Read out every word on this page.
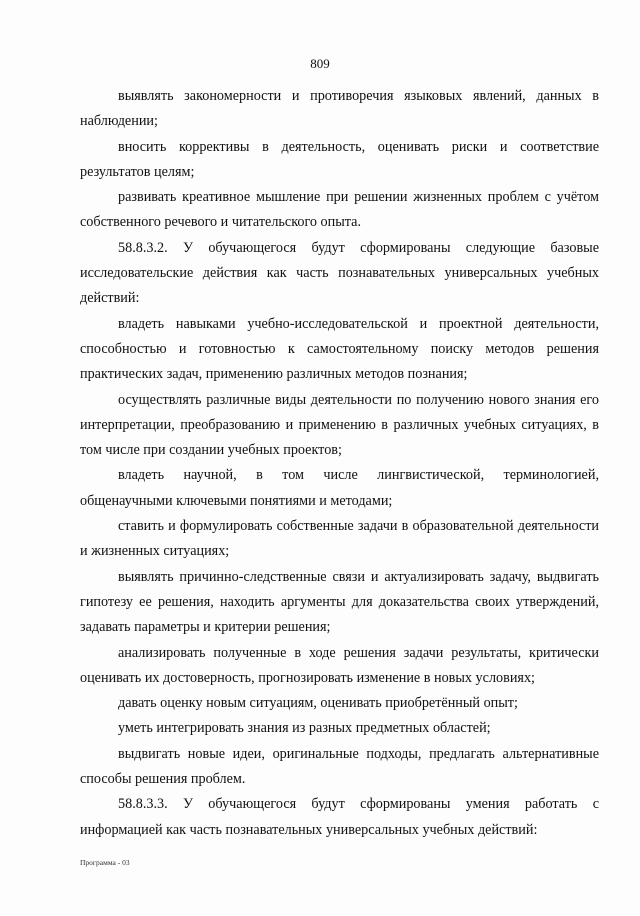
809

выявлять закономерности и противоречия языковых явлений, данных в наблюдении;

вносить коррективы в деятельность, оценивать риски и соответствие результатов целям;

развивать креативное мышление при решении жизненных проблем с учётом собственного речевого и читательского опыта.

58.8.3.2. У обучающегося будут сформированы следующие базовые исследовательские действия как часть познавательных универсальных учебных действий:

владеть навыками учебно-исследовательской и проектной деятельности, способностью и готовностью к самостоятельному поиску методов решения практических задач, применению различных методов познания;

осуществлять различные виды деятельности по получению нового знания его интерпретации, преобразованию и применению в различных учебных ситуациях, в том числе при создании учебных проектов;

владеть научной, в том числе лингвистической, терминологией, общенаучными ключевыми понятиями и методами;

ставить и формулировать собственные задачи в образовательной деятельности и жизненных ситуациях;

выявлять причинно-следственные связи и актуализировать задачу, выдвигать гипотезу ее решения, находить аргументы для доказательства своих утверждений, задавать параметры и критерии решения;

анализировать полученные в ходе решения задачи результаты, критически оценивать их достоверность, прогнозировать изменение в новых условиях;

давать оценку новым ситуациям, оценивать приобретённый опыт;

уметь интегрировать знания из разных предметных областей;

выдвигать новые идеи, оригинальные подходы, предлагать альтернативные способы решения проблем.

58.8.3.3. У обучающегося будут сформированы умения работать с информацией как часть познавательных универсальных учебных действий:

Программа - 03
